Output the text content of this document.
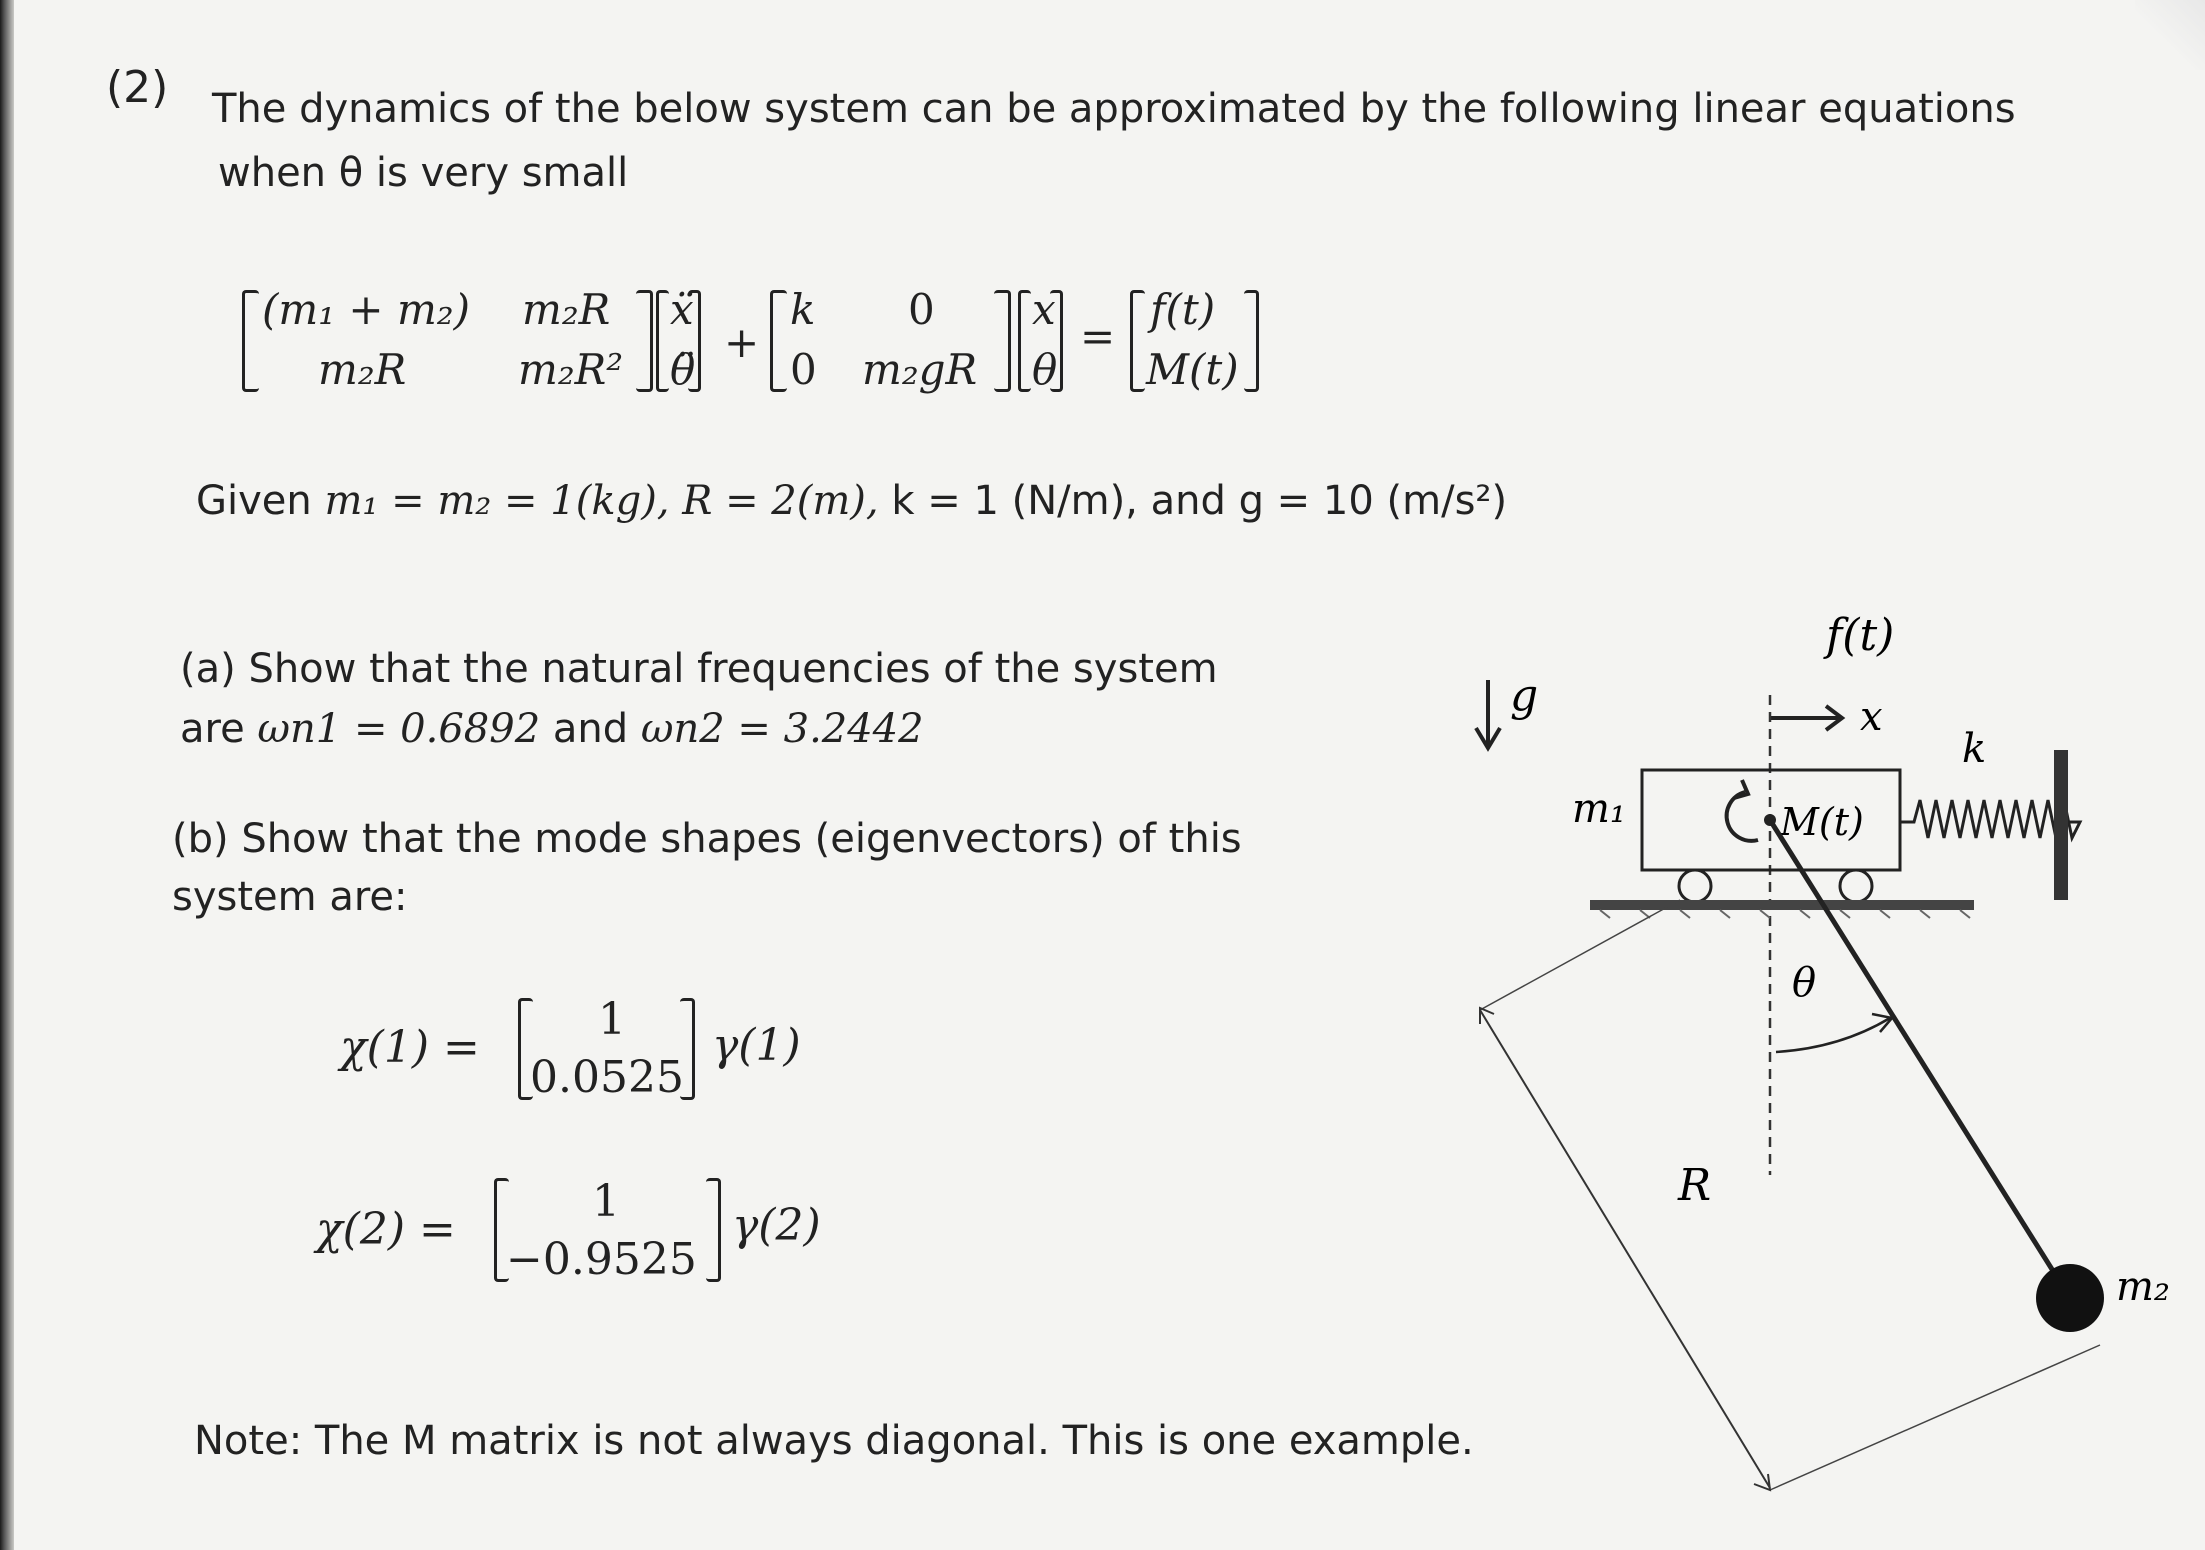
(2) The dynamics of the below system can be approximated by the following linear equations
when θ is very small
(m₁ + m₂) m₂R
m₂R	m₂R²
ẍ
θ̈
+
k 0
0 m₂gR
x
θ
=
f(t)
M(t)
Given m₁ = m₂ = 1(kg), R = 2(m), k = 1 (N/m), and g = 10 (m/s²)
(a) Show that the natural frequencies of the system
are ωn1 = 0.6892 and ωn2 = 3.2442
(b) Show that the mode shapes (eigenvectors) of this
system are:
χ(1) =
1
0.0525
γ(1)
χ(2) =
1
−0.9525
γ(2)
Note: The M matrix is not always diagonal. This is one example.
g
f(t)
x
m₁	M(t)
k
m₂
θ
R
